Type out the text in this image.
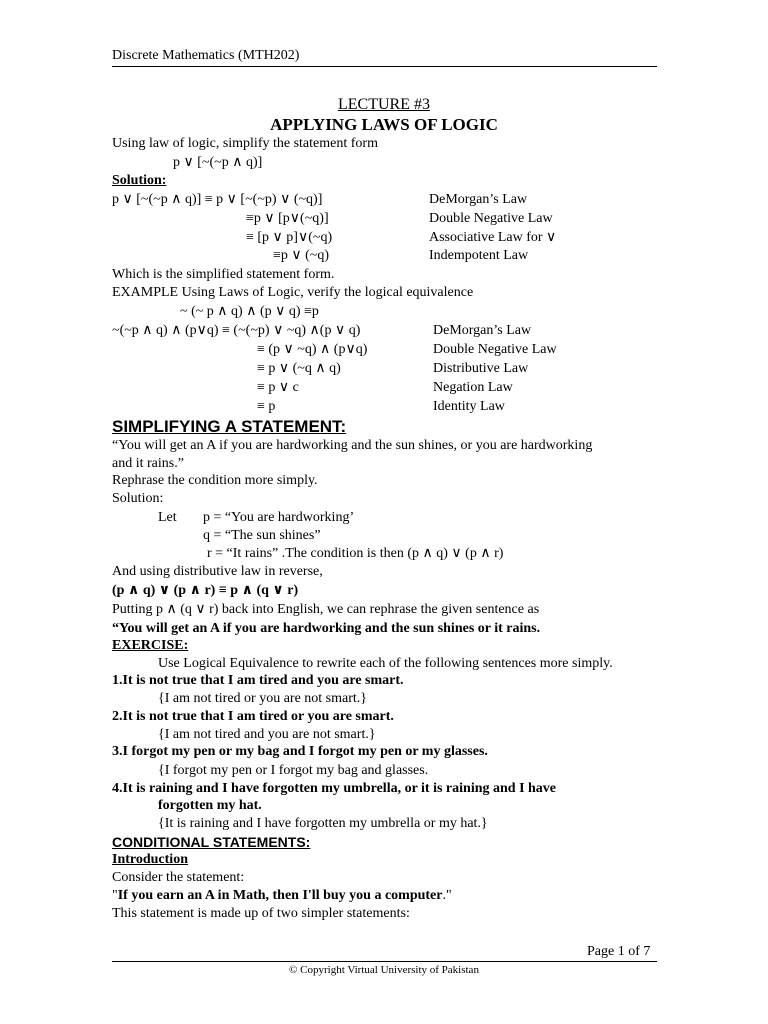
Discrete Mathematics (MTH202)
LECTURE #3
APPLYING LAWS OF LOGIC
Using law of logic, simplify the statement form
p ∨ [~(~p ∧ q)]
Solution:
p ∨ [~(~p ∧ q)] ≡ p ∨ [~(~p) ∨ (~q)]	DeMorgan’s Law
≡p ∨ [p∨(~q)]	Double Negative Law
≡ [p ∨ p]∨(~q)	Associative Law for ∨
≡p ∨ (~q)	Indempotent Law
Which is the simplified statement form.
EXAMPLE Using Laws of Logic, verify the logical equivalence
~ (~ p ∧ q) ∧ (p ∨ q) ≡p
~(~p ∧ q) ∧ (p∨q) ≡ (~(~p) ∨ ~q) ∧(p ∨ q)	DeMorgan’s Law
≡ (p ∨ ~q) ∧ (p∨q)	Double Negative Law
≡ p ∨ (~q ∧ q)	Distributive Law
≡ p ∨ c	Negation Law
≡ p	Identity Law
SIMPLIFYING A STATEMENT:
“You will get an A if you are hardworking and the sun shines, or you are hardworking
and it rains.”
Rephrase the condition more simply.
Solution:
Let p = “You are hardworking’
q = “The sun shines”
r = “It rains” .The condition is then (p ∧ q) ∨ (p ∧ r)
And using distributive law in reverse,
(p ∧ q) ∨ (p ∧ r) ≡ p ∧ (q ∨ r)
Putting p ∧ (q ∨ r) back into English, we can rephrase the given sentence as
“You will get an A if you are hardworking and the sun shines or it rains.
EXERCISE:
Use Logical Equivalence to rewrite each of the following sentences more simply.
1.It is not true that I am tired and you are smart.
{I am not tired or you are not smart.}
2.It is not true that I am tired or you are smart.
{I am not tired and you are not smart.}
3.I forgot my pen or my bag and I forgot my pen or my glasses.
{I forgot my pen or I forgot my bag and glasses.
4.It is raining and I have forgotten my umbrella, or it is raining and I have
forgotten my hat.
{It is raining and I have forgotten my umbrella or my hat.}
CONDITIONAL STATEMENTS:
Introduction
Consider the statement:
"If you earn an A in Math, then I'll buy you a computer."
This statement is made up of two simpler statements:
Page 1 of 7
© Copyright Virtual University of Pakistan
